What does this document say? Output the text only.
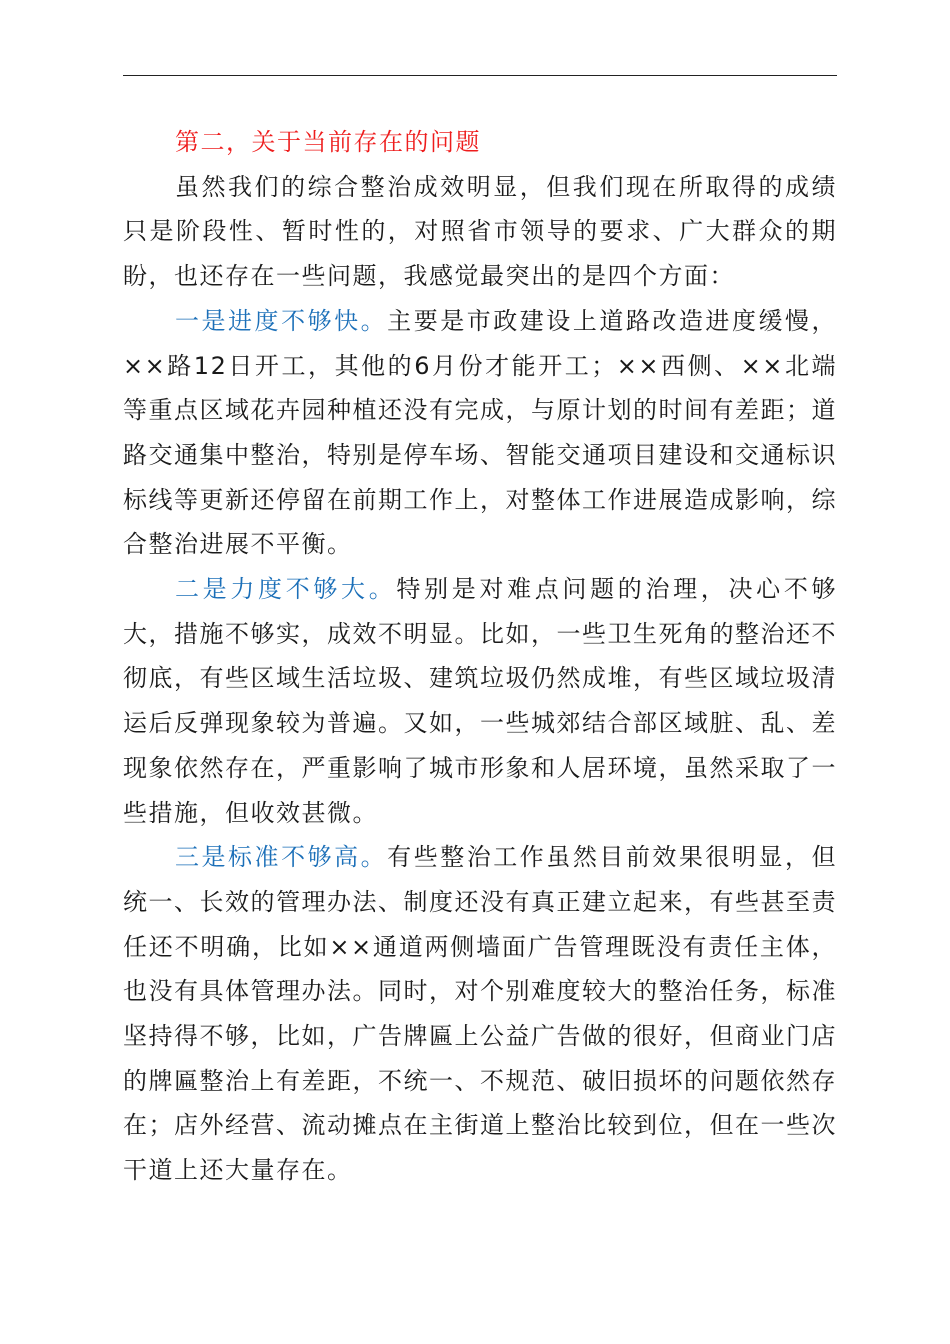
第二，关于当前存在的问题

虽然我们的综合整治成效明显，但我们现在所取得的成绩只是阶段性、暂时性的，对照省市领导的要求、广大群众的期盼，也还存在一些问题，我感觉最突出的是四个方面：

一是进度不够快。主要是市政建设上道路改造进度缓慢，××路12日开工，其他的6月份才能开工；××西侧、××北端等重点区域花卉园种植还没有完成，与原计划的时间有差距；道路交通集中整治，特别是停车场、智能交通项目建设和交通标识标线等更新还停留在前期工作上，对整体工作进展造成影响，综合整治进展不平衡。

二是力度不够大。特别是对难点问题的治理，决心不够大，措施不够实，成效不明显。比如，一些卫生死角的整治还不彻底，有些区域生活垃圾、建筑垃圾仍然成堆，有些区域垃圾清运后反弹现象较为普遍。又如，一些城郊结合部区域脏、乱、差现象依然存在，严重影响了城市形象和人居环境，虽然采取了一些措施，但收效甚微。

三是标准不够高。有些整治工作虽然目前效果很明显，但统一、长效的管理办法、制度还没有真正建立起来，有些甚至责任还不明确，比如××通道两侧墙面广告管理既没有责任主体，也没有具体管理办法。同时，对个别难度较大的整治任务，标准坚持得不够，比如，广告牌匾上公益广告做的很好，但商业门店的牌匾整治上有差距，不统一、不规范、破旧损坏的问题依然存在；店外经营、流动摊点在主街道上整治比较到位，但在一些次干道上还大量存在。
